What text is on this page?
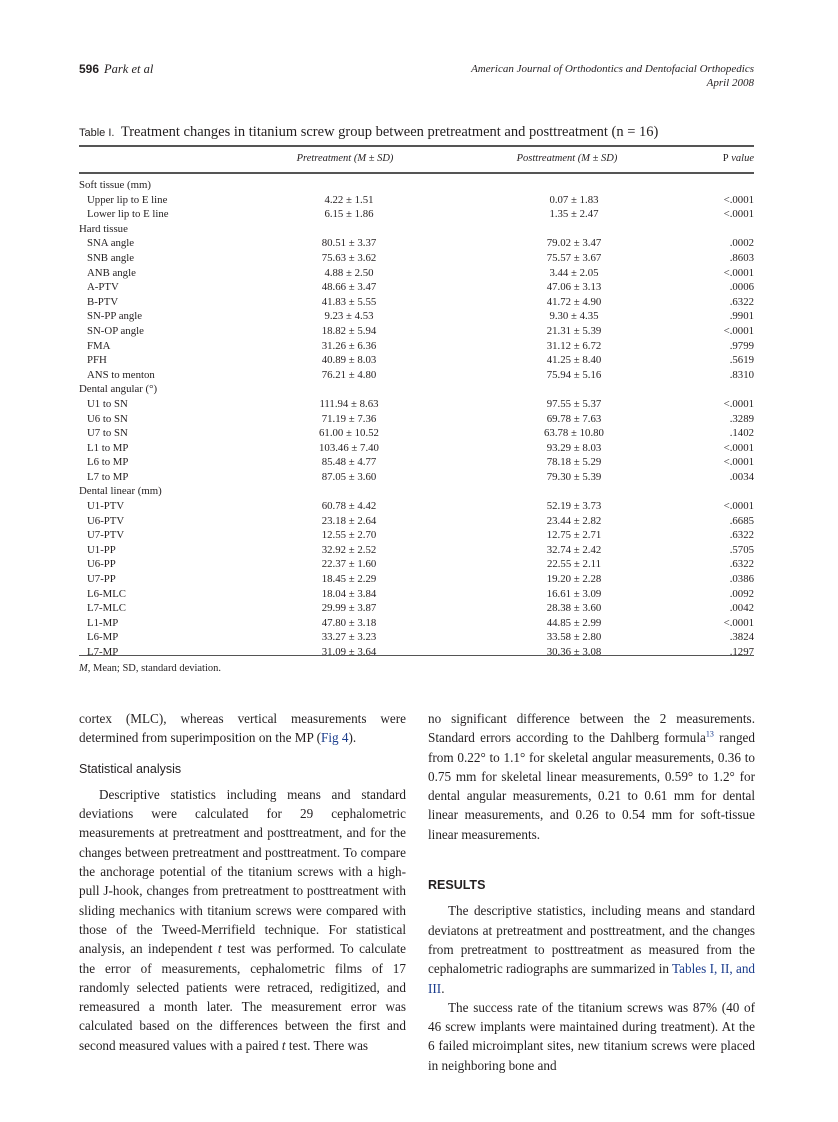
596 Park et al	American Journal of Orthodontics and Dentofacial Orthopedics
April 2008
Table I. Treatment changes in titanium screw group between pretreatment and posttreatment (n = 16)
Pretreatment (M ± SD)	Posttreatment (M ± SD)	P value
Soft tissue (mm)
Upper lip to E line	4.22 ± 1.51	0.07 ± 1.83	<.0001
Lower lip to E line	6.15 ± 1.86	1.35 ± 2.47	<.0001
Hard tissue
SNA angle	80.51 ± 3.37	79.02 ± 3.47	.0002
SNB angle	75.63 ± 3.62	75.57 ± 3.67	.8603
ANB angle	4.88 ± 2.50	3.44 ± 2.05	<.0001
A-PTV	48.66 ± 3.47	47.06 ± 3.13	.0006
B-PTV	41.83 ± 5.55	41.72 ± 4.90	.6322
SN-PP angle	9.23 ± 4.53	9.30 ± 4.35	.9901
SN-OP angle	18.82 ± 5.94	21.31 ± 5.39	<.0001
FMA	31.26 ± 6.36	31.12 ± 6.72	.9799
PFH	40.89 ± 8.03	41.25 ± 8.40	.5619
ANS to menton	76.21 ± 4.80	75.94 ± 5.16	.8310
Dental angular (°)
U1 to SN	111.94 ± 8.63	97.55 ± 5.37	<.0001
U6 to SN	71.19 ± 7.36	69.78 ± 7.63	.3289
U7 to SN	61.00 ± 10.52	63.78 ± 10.80	.1402
L1 to MP	103.46 ± 7.40	93.29 ± 8.03	<.0001
L6 to MP	85.48 ± 4.77	78.18 ± 5.29	<.0001
L7 to MP	87.05 ± 3.60	79.30 ± 5.39	.0034
Dental linear (mm)
U1-PTV	60.78 ± 4.42	52.19 ± 3.73	<.0001
U6-PTV	23.18 ± 2.64	23.44 ± 2.82	.6685
U7-PTV	12.55 ± 2.70	12.75 ± 2.71	.6322
U1-PP	32.92 ± 2.52	32.74 ± 2.42	.5705
U6-PP	22.37 ± 1.60	22.55 ± 2.11	.6322
U7-PP	18.45 ± 2.29	19.20 ± 2.28	.0386
L6-MLC	18.04 ± 3.84	16.61 ± 3.09	.0092
L7-MLC	29.99 ± 3.87	28.38 ± 3.60	.0042
L1-MP	47.80 ± 3.18	44.85 ± 2.99	<.0001
L6-MP	33.27 ± 3.23	33.58 ± 2.80	.3824
L7-MP	31.09 ± 3.64	30.36 ± 3.08	.1297
M, Mean; SD, standard deviation.

cortex (MLC), whereas vertical measurements were determined from superimposition on the MP (Fig 4).

Statistical analysis

Descriptive statistics including means and standard deviations were calculated for 29 cephalometric measurements at pretreatment and posttreatment, and for the changes between pretreatment and posttreatment. To compare the anchorage potential of the titanium screws with a high-pull J-hook, changes from pretreatment to posttreatment with sliding mechanics with titanium screws were compared with those of the Tweed-Merrifield technique. For statistical analysis, an independent t test was performed. To calculate the error of measurements, cephalometric films of 17 randomly selected patients were retraced, redigitized, and remeasured a month later. The measurement error was calculated based on the differences between the first and second measured values with a paired t test. There was

no significant difference between the 2 measurements. Standard errors according to the Dahlberg formula$^{13}$ ranged from 0.22° to 1.1° for skeletal angular measurements, 0.36 to 0.75 mm for skeletal linear measurements, 0.59° to 1.2° for dental angular measurements, 0.21 to 0.61 mm for dental linear measurements, and 0.26 to 0.54 mm for soft-tissue linear measurements.

RESULTS

The descriptive statistics, including means and standard deviatons at pretreatment and posttreatment, and the changes from pretreatment to posttreatment as measured from the cephalometric radiographs are summarized in Tables I, II, and III.

The success rate of the titanium screws was 87% (40 of 46 screw implants were maintained during treatment). At the 6 failed microimplant sites, new titanium screws were placed in neighboring bone and
